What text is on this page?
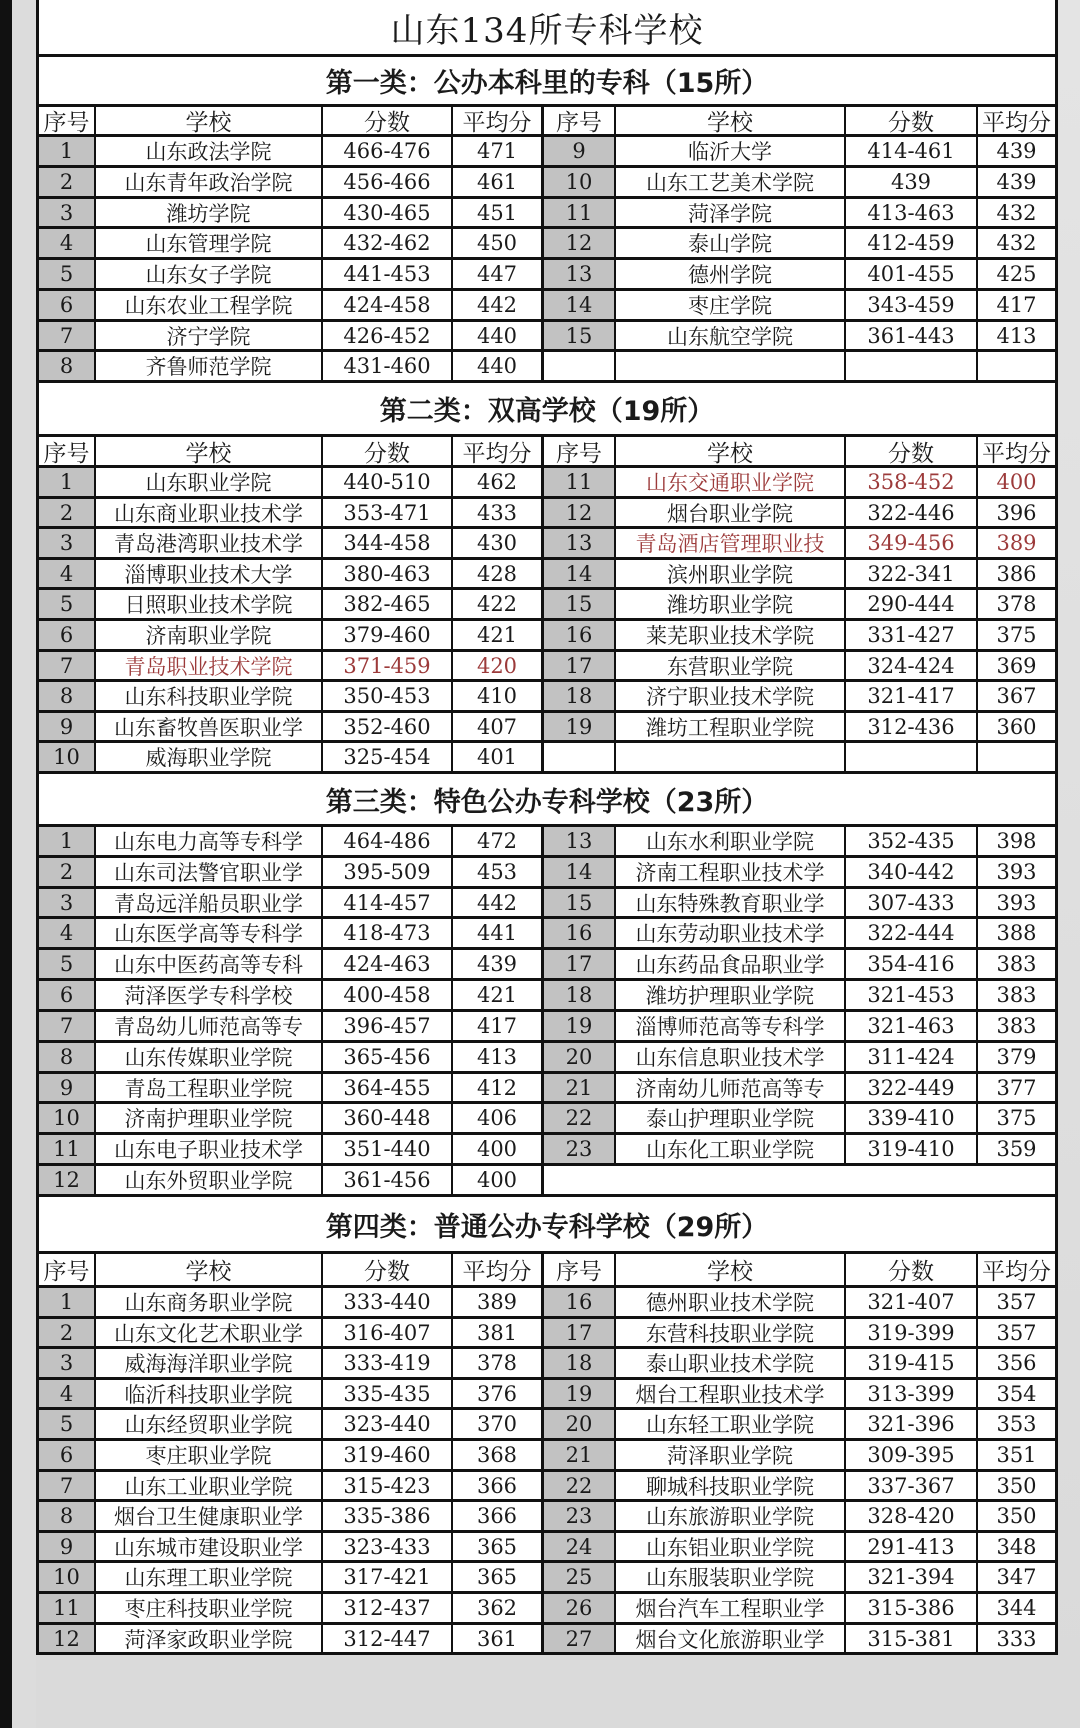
山东134所专科学校
第一类：公办本科里的专科（15所）
序号	学校	分数	平均分	序号	学校	分数	平均分
1	山东政法学院	466-476	471	9	临沂大学	414-461	439
2	山东青年政治学院	456-466	461	10	山东工艺美术学院	439	439
3	潍坊学院	430-465	451	11	菏泽学院	413-463	432
4	山东管理学院	432-462	450	12	泰山学院	412-459	432
5	山东女子学院	441-453	447	13	德州学院	401-455	425
6	山东农业工程学院	424-458	442	14	枣庄学院	343-459	417
7	济宁学院	426-452	440	15	山东航空学院	361-443	413
8	齐鲁师范学院	431-460	440
第二类：双高学校（19所）
序号	学校	分数	平均分	序号	学校	分数	平均分
1	山东职业学院	440-510	462	11	山东交通职业学院	358-452	400
2	山东商业职业技术学	353-471	433	12	烟台职业学院	322-446	396
3	青岛港湾职业技术学	344-458	430	13	青岛酒店管理职业技	349-456	389
4	淄博职业技术大学	380-463	428	14	滨州职业学院	322-341	386
5	日照职业技术学院	382-465	422	15	潍坊职业学院	290-444	378
6	济南职业学院	379-460	421	16	莱芜职业技术学院	331-427	375
7	青岛职业技术学院	371-459	420	17	东营职业学院	324-424	369
8	山东科技职业学院	350-453	410	18	济宁职业技术学院	321-417	367
9	山东畜牧兽医职业学	352-460	407	19	潍坊工程职业学院	312-436	360
10	威海职业学院	325-454	401
第三类：特色公办专科学校（23所）
1	山东电力高等专科学	464-486	472	13	山东水利职业学院	352-435	398
2	山东司法警官职业学	395-509	453	14	济南工程职业技术学	340-442	393
3	青岛远洋船员职业学	414-457	442	15	山东特殊教育职业学	307-433	393
4	山东医学高等专科学	418-473	441	16	山东劳动职业技术学	322-444	388
5	山东中医药高等专科	424-463	439	17	山东药品食品职业学	354-416	383
6	菏泽医学专科学校	400-458	421	18	潍坊护理职业学院	321-453	383
7	青岛幼儿师范高等专	396-457	417	19	淄博师范高等专科学	321-463	383
8	山东传媒职业学院	365-456	413	20	山东信息职业技术学	311-424	379
9	青岛工程职业学院	364-455	412	21	济南幼儿师范高等专	322-449	377
10	济南护理职业学院	360-448	406	22	泰山护理职业学院	339-410	375
11	山东电子职业技术学	351-440	400	23	山东化工职业学院	319-410	359
12	山东外贸职业学院	361-456	400
第四类：普通公办专科学校（29所）
序号	学校	分数	平均分	序号	学校	分数	平均分
1	山东商务职业学院	333-440	389	16	德州职业技术学院	321-407	357
2	山东文化艺术职业学	316-407	381	17	东营科技职业学院	319-399	357
3	威海海洋职业学院	333-419	378	18	泰山职业技术学院	319-415	356
4	临沂科技职业学院	335-435	376	19	烟台工程职业技术学	313-399	354
5	山东经贸职业学院	323-440	370	20	山东轻工职业学院	321-396	353
6	枣庄职业学院	319-460	368	21	菏泽职业学院	309-395	351
7	山东工业职业学院	315-423	366	22	聊城科技职业学院	337-367	350
8	烟台卫生健康职业学	335-386	366	23	山东旅游职业学院	328-420	350
9	山东城市建设职业学	323-433	365	24	山东铝业职业学院	291-413	348
10	山东理工职业学院	317-421	365	25	山东服装职业学院	321-394	347
11	枣庄科技职业学院	312-437	362	26	烟台汽车工程职业学	315-386	344
12	菏泽家政职业学院	312-447	361	27	烟台文化旅游职业学	315-381	333
